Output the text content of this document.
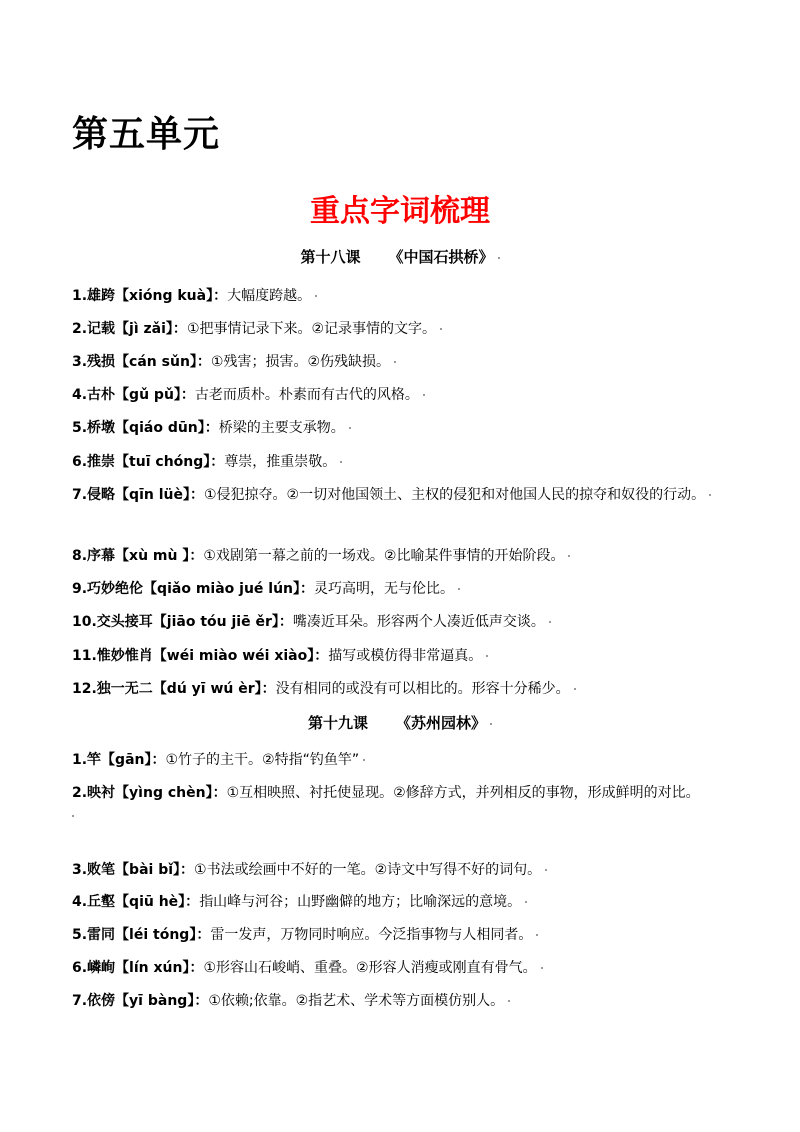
第五单元
重点字词梳理
第十八课 《中国石拱桥》

1.雄跨【xióng kuà】：大幅度跨越。

2.记载【jì zǎi】：①把事情记录下来。②记录事情的文字。

3.残损【cán sǔn】：①残害；损害。②伤残缺损。

4.古朴【gǔ pǔ】：古老而质朴。朴素而有古代的风格。

5.桥墩【qiáo dūn】：桥梁的主要支承物。

6.推崇【tuī chóng】：尊崇，推重崇敬。

7.侵略【qīn lüè】：①侵犯掠夺。②一切对他国领土、主权的侵犯和对他国人民的掠夺和奴役的行动。

8.序幕【xù mù 】：①戏剧第一幕之前的一场戏。②比喻某件事情的开始阶段。

9.巧妙绝伦【qiǎo miào jué lún】：灵巧高明，无与伦比。

10.交头接耳【jiāo tóu jiē ěr】：嘴凑近耳朵。形容两个人凑近低声交谈。

11.惟妙惟肖【wéi miào wéi xiào】：描写或模仿得非常逼真。

12.独一无二【dú yī wú èr】：没有相同的或没有可以相比的。形容十分稀少。

第十九课 《苏州园林》

1.竿【gān】：①竹子的主干。②特指“钓鱼竿”

2.映衬【yìng chèn】：①互相映照、衬托使显现。②修辞方式，并列相反的事物，形成鲜明的对比。

3.败笔【bài bǐ】：①书法或绘画中不好的一笔。②诗文中写得不好的词句。

4.丘壑【qiū hè】：指山峰与河谷；山野幽僻的地方；比喻深远的意境。

5.雷同【léi tóng】：雷一发声，万物同时响应。今泛指事物与人相同者。

6.嶙峋【lín xún】：①形容山石峻峭、重叠。②形容人消瘦或刚直有骨气。

7.依傍【yī bàng】：①依赖;依靠。②指艺术、学术等方面模仿别人。
